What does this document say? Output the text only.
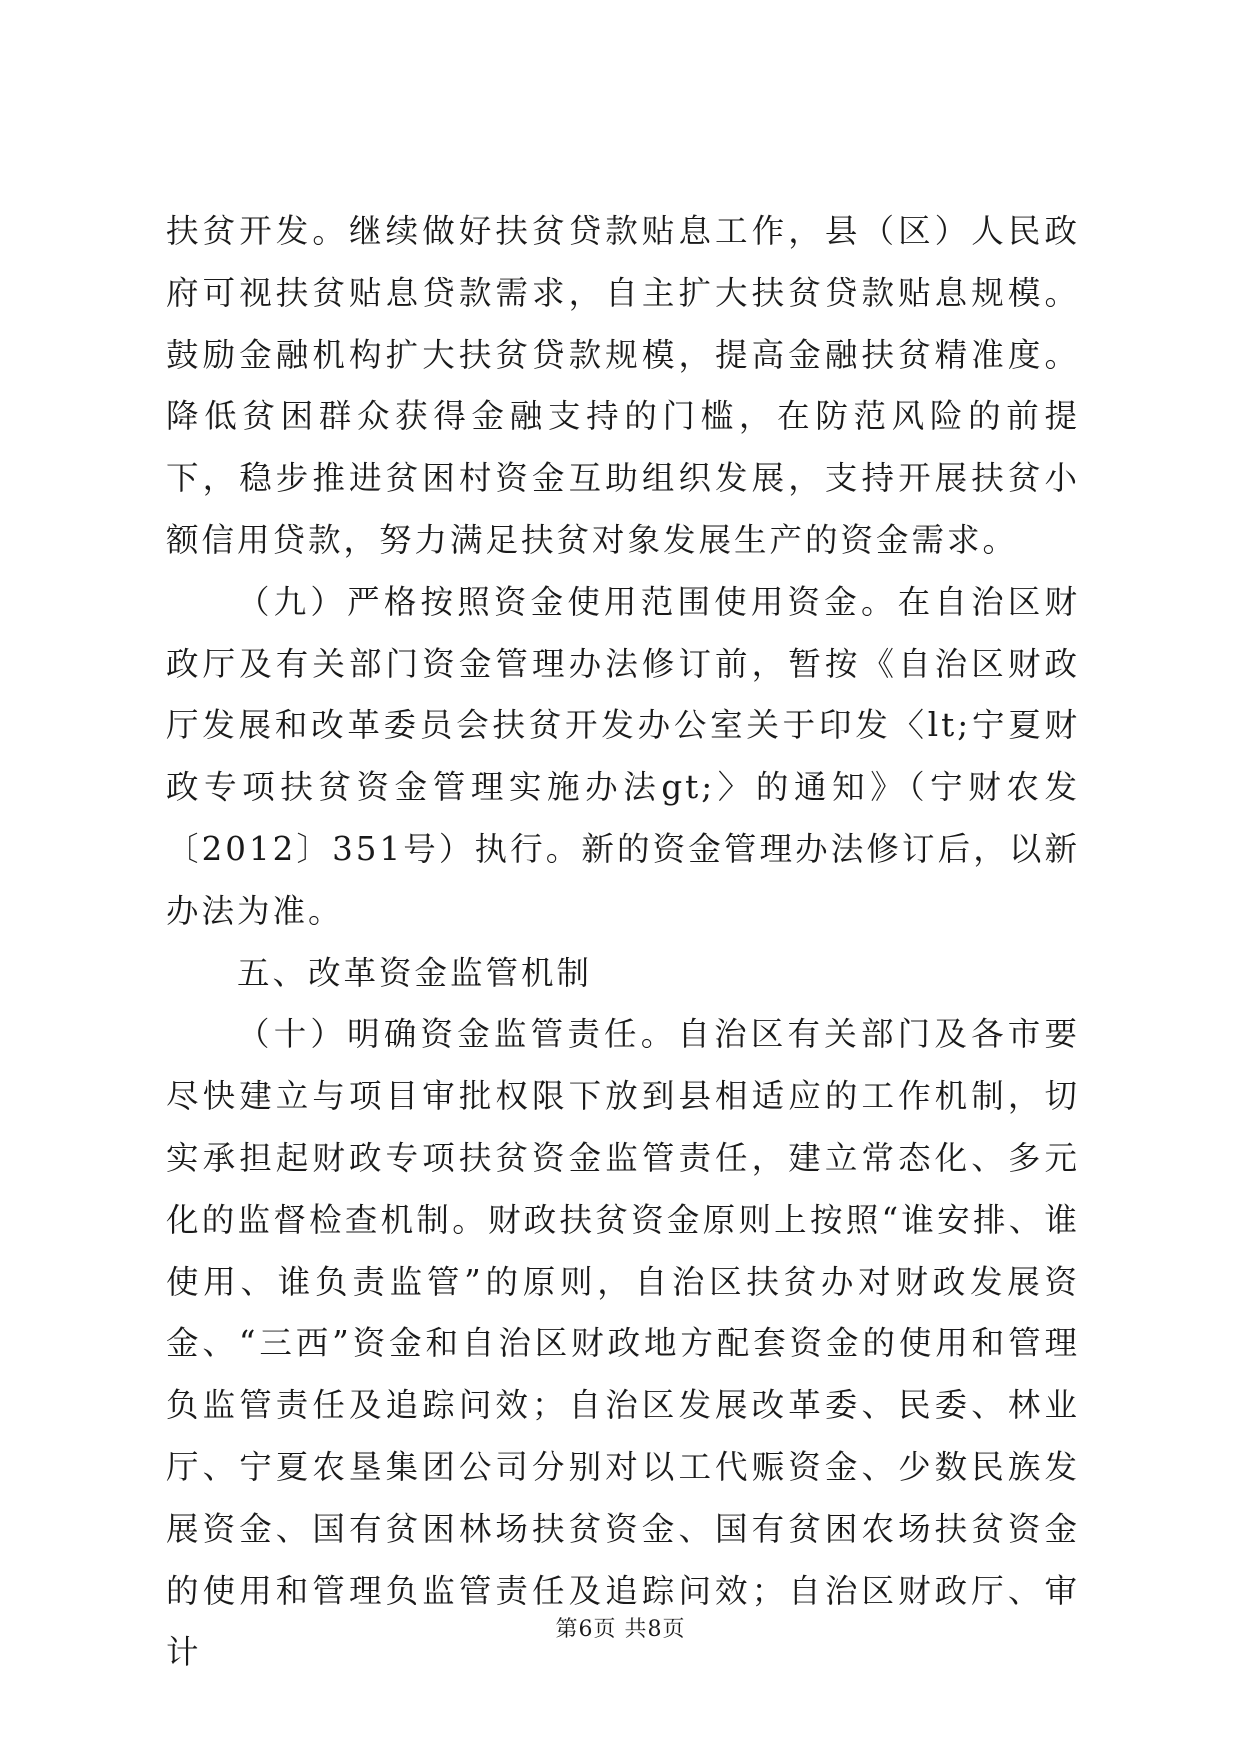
扶贫开发。继续做好扶贫贷款贴息工作，县（区）人民政府可视扶贫贴息贷款需求，自主扩大扶贫贷款贴息规模。鼓励金融机构扩大扶贫贷款规模，提高金融扶贫精准度。降低贫困群众获得金融支持的门槛，在防范风险的前提下，稳步推进贫困村资金互助组织发展，支持开展扶贫小额信用贷款，努力满足扶贫对象发展生产的资金需求。

（九）严格按照资金使用范围使用资金。在自治区财政厅及有关部门资金管理办法修订前，暂按《自治区财政厅发展和改革委员会扶贫开发办公室关于印发〈lt;宁夏财政专项扶贫资金管理实施办法gt;〉的通知》（宁财农发〔2012〕351号）执行。新的资金管理办法修订后，以新办法为准。

五、改革资金监管机制

（十）明确资金监管责任。自治区有关部门及各市要尽快建立与项目审批权限下放到县相适应的工作机制，切实承担起财政专项扶贫资金监管责任，建立常态化、多元化的监督检查机制。财政扶贫资金原则上按照“谁安排、谁使用、谁负责监管”的原则，自治区扶贫办对财政发展资金、“三西”资金和自治区财政地方配套资金的使用和管理负监管责任及追踪问效；自治区发展改革委、民委、林业厅、宁夏农垦集团公司分别对以工代赈资金、少数民族发展资金、国有贫困林场扶贫资金、国有贫困农场扶贫资金的使用和管理负监管责任及追踪问效；自治区财政厅、审计

第6页 共8页
